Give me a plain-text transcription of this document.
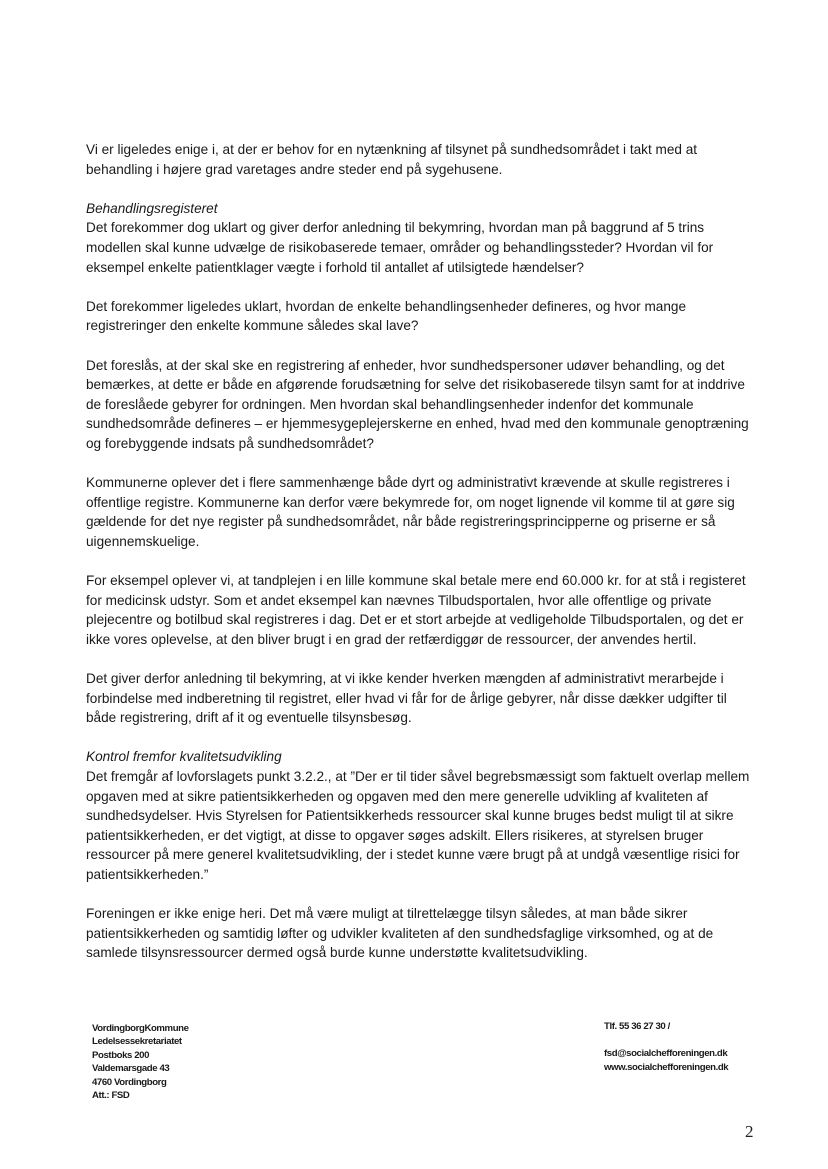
Vi er ligeledes enige i, at der er behov for en nytænkning af tilsynet på sundhedsområdet i takt med at behandling i højere grad varetages andre steder end på sygehusene.

Behandlingsregisteret
Det forekommer dog uklart og giver derfor anledning til bekymring, hvordan man på baggrund af 5 trins modellen skal kunne udvælge de risikobaserede temaer, områder og behandlingssteder? Hvordan vil for eksempel enkelte patientklager vægte i forhold til antallet af utilsigtede hændelser?

Det forekommer ligeledes uklart, hvordan de enkelte behandlingsenheder defineres, og hvor mange registreringer den enkelte kommune således skal lave?

Det foreslås, at der skal ske en registrering af enheder, hvor sundhedspersoner udøver behandling, og det bemærkes, at dette er både en afgørende forudsætning for selve det risikobaserede tilsyn samt for at inddrive de foreslåede gebyrer for ordningen. Men hvordan skal behandlingsenheder indenfor det kommunale sundhedsområde defineres – er hjemmesygeplejerskerne en enhed, hvad med den kommunale genoptræning og forebyggende indsats på sundhedsområdet?

Kommunerne oplever det i flere sammenhænge både dyrt og administrativt krævende at skulle registreres i offentlige registre. Kommunerne kan derfor være bekymrede for, om noget lignende vil komme til at gøre sig gældende for det nye register på sundhedsområdet, når både registreringsprincipperne og priserne er så uigennemskuelige.

For eksempel oplever vi, at tandplejen i en lille kommune skal betale mere end 60.000 kr. for at stå i registeret for medicinsk udstyr. Som et andet eksempel kan nævnes Tilbudsportalen, hvor alle offentlige og private plejecentre og botilbud skal registreres i dag. Det er et stort arbejde at vedligeholde Tilbudsportalen, og det er ikke vores oplevelse, at den bliver brugt i en grad der retfærdiggør de ressourcer, der anvendes hertil.

Det giver derfor anledning til bekymring, at vi ikke kender hverken mængden af administrativt merarbejde i forbindelse med indberetning til registret, eller hvad vi får for de årlige gebyrer, når disse dækker udgifter til både registrering, drift af it og eventuelle tilsynsbesøg.

Kontrol fremfor kvalitetsudvikling
Det fremgår af lovforslagets punkt 3.2.2., at ”Der er til tider såvel begrebsmæssigt som faktuelt overlap mellem opgaven med at sikre patientsikkerheden og opgaven med den mere generelle udvikling af kvaliteten af sundhedsydelser. Hvis Styrelsen for Patientsikkerheds ressourcer skal kunne bruges bedst muligt til at sikre patientsikkerheden, er det vigtigt, at disse to opgaver søges adskilt. Ellers risikeres, at styrelsen bruger ressourcer på mere generel kvalitetsudvikling, der i stedet kunne være brugt på at undgå væsentlige risici for patientsikkerheden.”

Foreningen er ikke enige heri. Det må være muligt at tilrettelægge tilsyn således, at man både sikrer patientsikkerheden og samtidig løfter og udvikler kvaliteten af den sundhedsfaglige virksomhed, og at de samlede tilsynsressourcer dermed også burde kunne understøtte kvalitetsudvikling.

VordingborgKommune
Ledelsessekretariatet
Postboks 200
Valdemarsgade 43
4760 Vordingborg
Att.: FSD
Tlf. 55 36 27 30 /
fsd@socialchefforeningen.dk
www.socialchefforeningen.dk
2
